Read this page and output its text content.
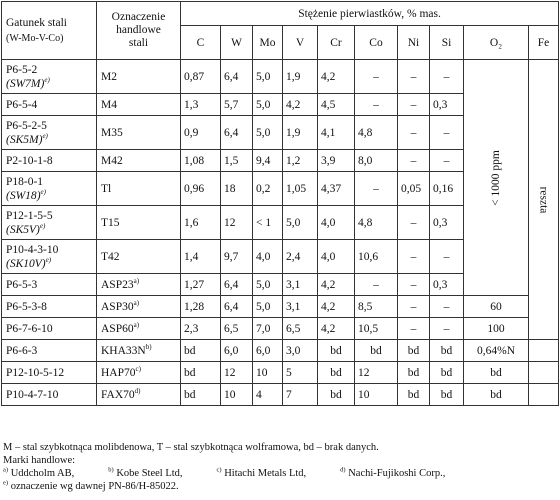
Gatunek stali
(W-Mo-V-Co)	Oznaczenie
handlowe
stali	Stężenie pierwiastków, % mas.									
		C	W	Mo	V	Cr	Co	Ni	Si	O₂	Fe

P6-5-2
$(SW7M)^{e)}$	M2	0,87	6,4	5,0	1,9	4,2	–	–	–	< 1000 ppm	reszta

P6-5-4	M4	1,3	5,7	5,0	4,2	4,5	–	–	0,3		

P6-5-2-5
$(SK5M)^{e)}$	M35	0,9	6,4	5,0	1,9	4,1	4,8	–	–		

P2-10-1-8	M42	1,08	1,5	9,4	1,2	3,9	8,0	–	–		

P18-0-1
$(SW18)^{e)}$	Tl	0,96	18	0,2	1,05	4,37	–	0,05	0,16		

P12-1-5-5
$(SK5V)^{e)}$	T15	1,6	12	< 1	5,0	4,0	4,8	–	0,3		

P10-4-3-10
$(SK10V)^{e)}$	T42	1,4	9,7	4,0	2,4	4,0	10,6	–	–		

P6-5-3	ASP23$^{a)}$	1,27	6,4	5,0	3,1	4,2	–	–	0,3		

P6-5-3-8	ASP30$^{a)}$	1,28	6,4	5,0	3,1	4,2	8,5	–	–	60	

P6-7-6-10	ASP60$^{a)}$	2,3	6,5	7,0	6,5	4,2	10,5	–	–	100	

P6-6-3	$KHA33N^{b)}$	bd	6,0	6,0	3,0	bd	bd	bd	bd	0,64%N	

P12-10-5-12	HAP70$^{c)}$	bd	12	10	5	bd	12	bd	bd	bd	

P10-4-7-10	FAX70$^{d)}$	bd	10	4	7	bd	10	bd	bd	bd	
M – stal szybkotnąca molibdenowa, T – stal szybkotnąca wolframowa, bd – brak danych.
Marki handlowe:
$^{a)}$ Uddcholm AB,	$^{b)}$ Kobe Steel Ltd,	$^{c)}$ Hitachi Metals Ltd,	$^{d)}$ Nachi-Fujikoshi Corp.,
$^{e)}$ oznaczenie wg dawnej PN-86/H-85022.
